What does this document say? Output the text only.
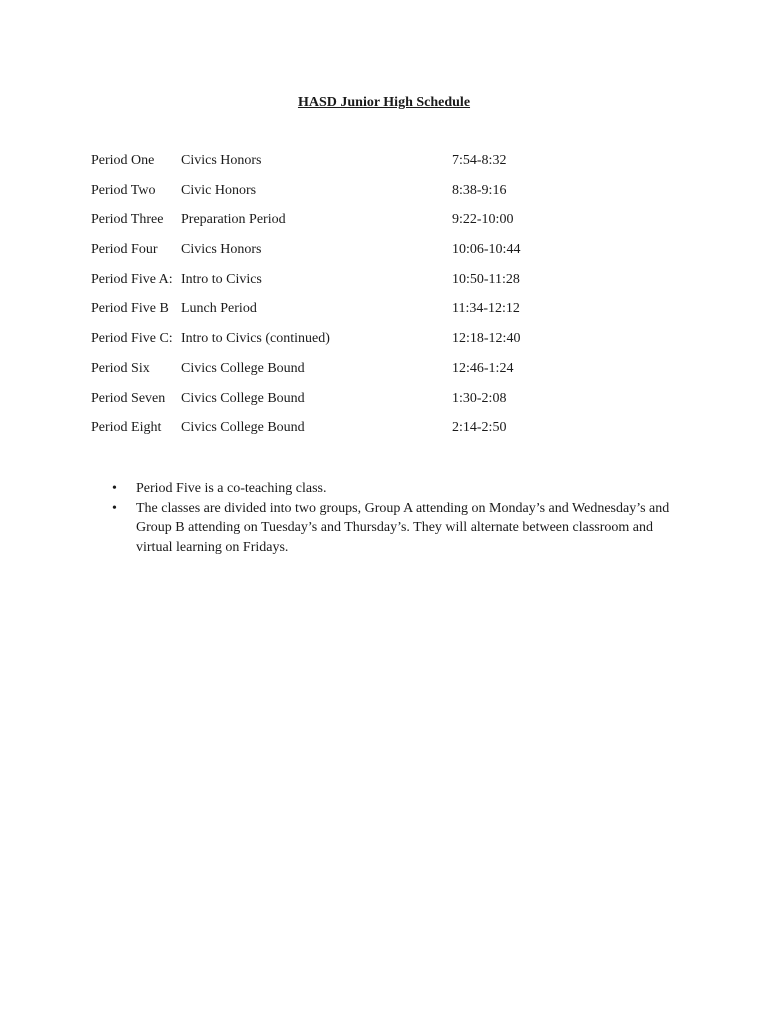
HASD Junior High Schedule
Period One Civics Honors	7:54-8:32
Period Two Civic Honors	8:38-9:16
Period Three Preparation Period	9:22-10:00
Period Four Civics Honors	10:06-10:44
Period Five A: Intro to Civics	10:50-11:28
Period Five B Lunch Period	11:34-12:12
Period Five C: Intro to Civics (continued)	12:18-12:40
Period Six Civics College Bound	12:46-1:24
Period Seven Civics College Bound	1:30-2:08
Period Eight Civics College Bound	2:14-2:50
• Period Five is a co-teaching class.
• The classes are divided into two groups, Group A attending on Monday’s and Wednesday’s and Group B attending on Tuesday’s and Thursday’s. They will alternate between classroom and virtual learning on Fridays.
